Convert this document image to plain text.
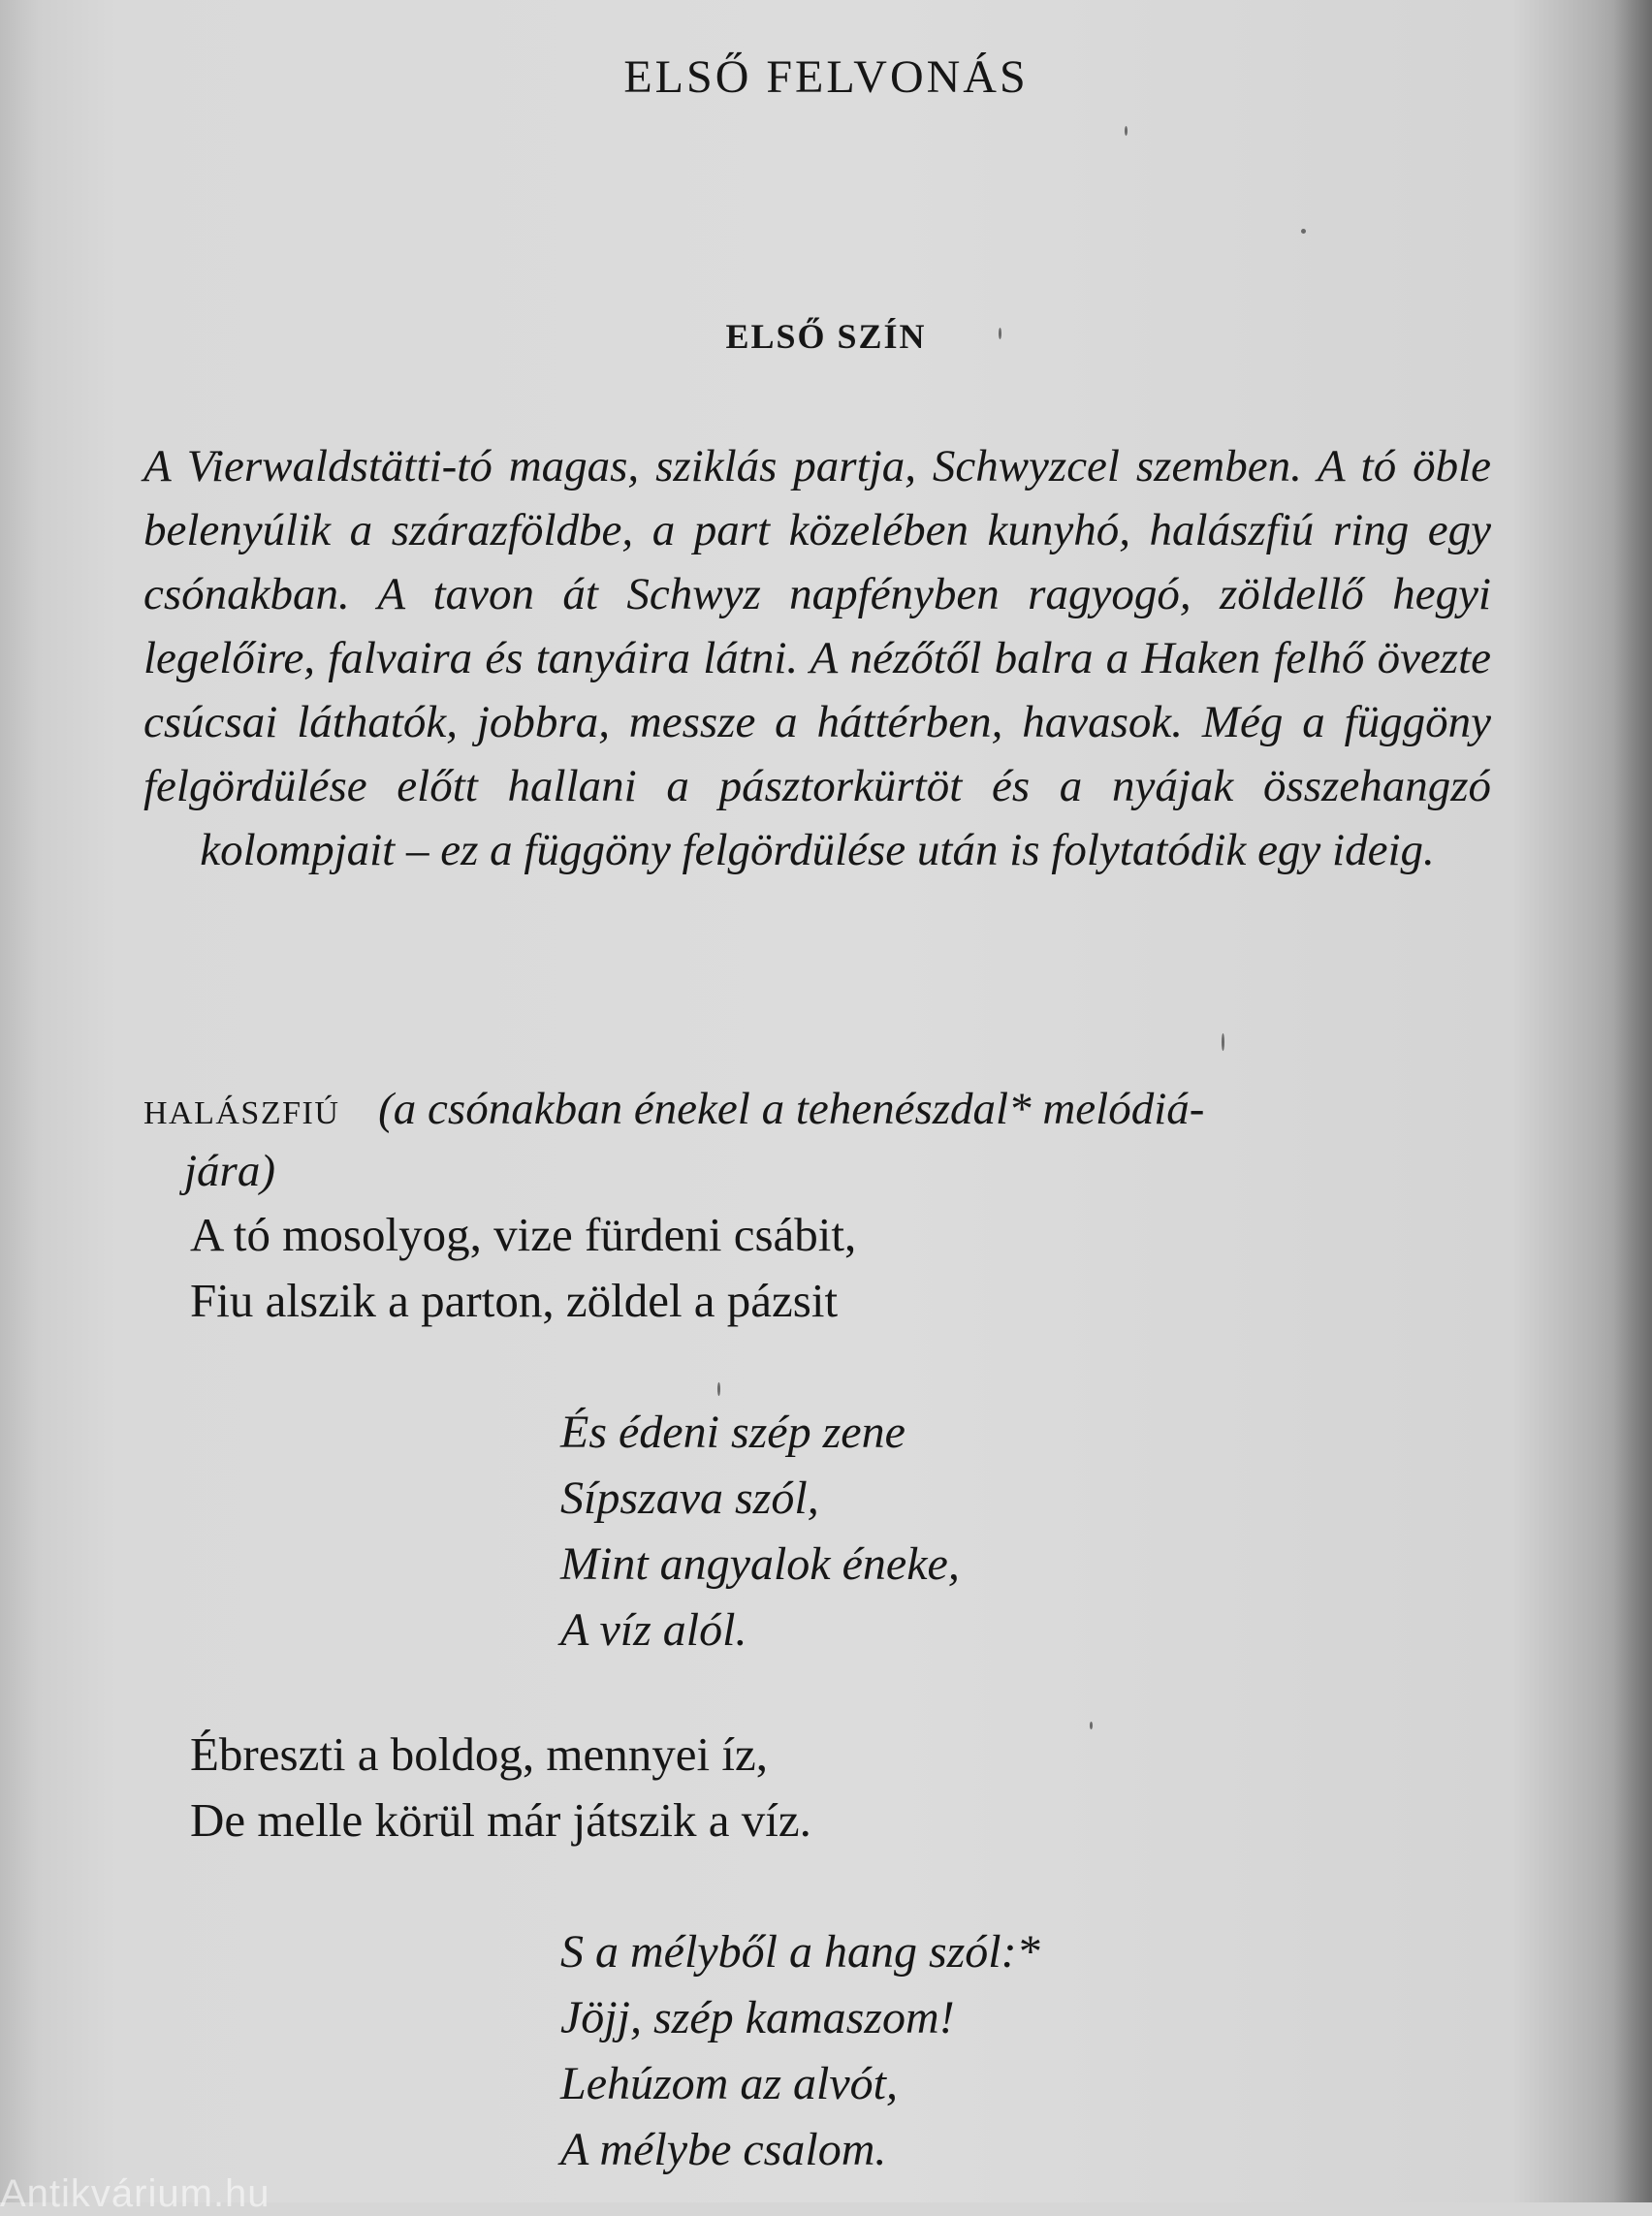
ELSŐ FELVONÁS
ELSŐ SZÍN

A Vierwaldstätti-tó magas, sziklás partja, Schwyzcel szemben. A tó öble belenyúlik a szárazföldbe, a part közelében kunyhó, halászfiú ring egy csónakban. A tavon át Schwyz napfényben ragyogó, zöldellő hegyi legelőire, falvaira és tanyáira látni. A nézőtől balra a Haken felhő övezte csúcsai láthatók, jobbra, messze a háttérben, havasok. Még a függöny felgördülése előtt hallani a pásztorkürtöt és a nyájak összehangzó kolompjait – ez a függöny felgördülése után is folytatódik egy ideig.

HALÁSZFIÚ (a csónakban énekel a tehenészdal* melódiá-
jára)
A tó mosolyog, vize fürdeni csábit,
Fiu alszik a parton, zöldel a pázsit
És édeni szép zene
Sípszava szól,
Mint angyalok éneke,
A víz alól.
Ébreszti a boldog, mennyei íz,
De melle körül már játszik a víz.
S a mélyből a hang szól:*
Jöjj, szép kamaszom!
Lehúzom az alvót,
A mélybe csalom.
Antikvárium.hu
